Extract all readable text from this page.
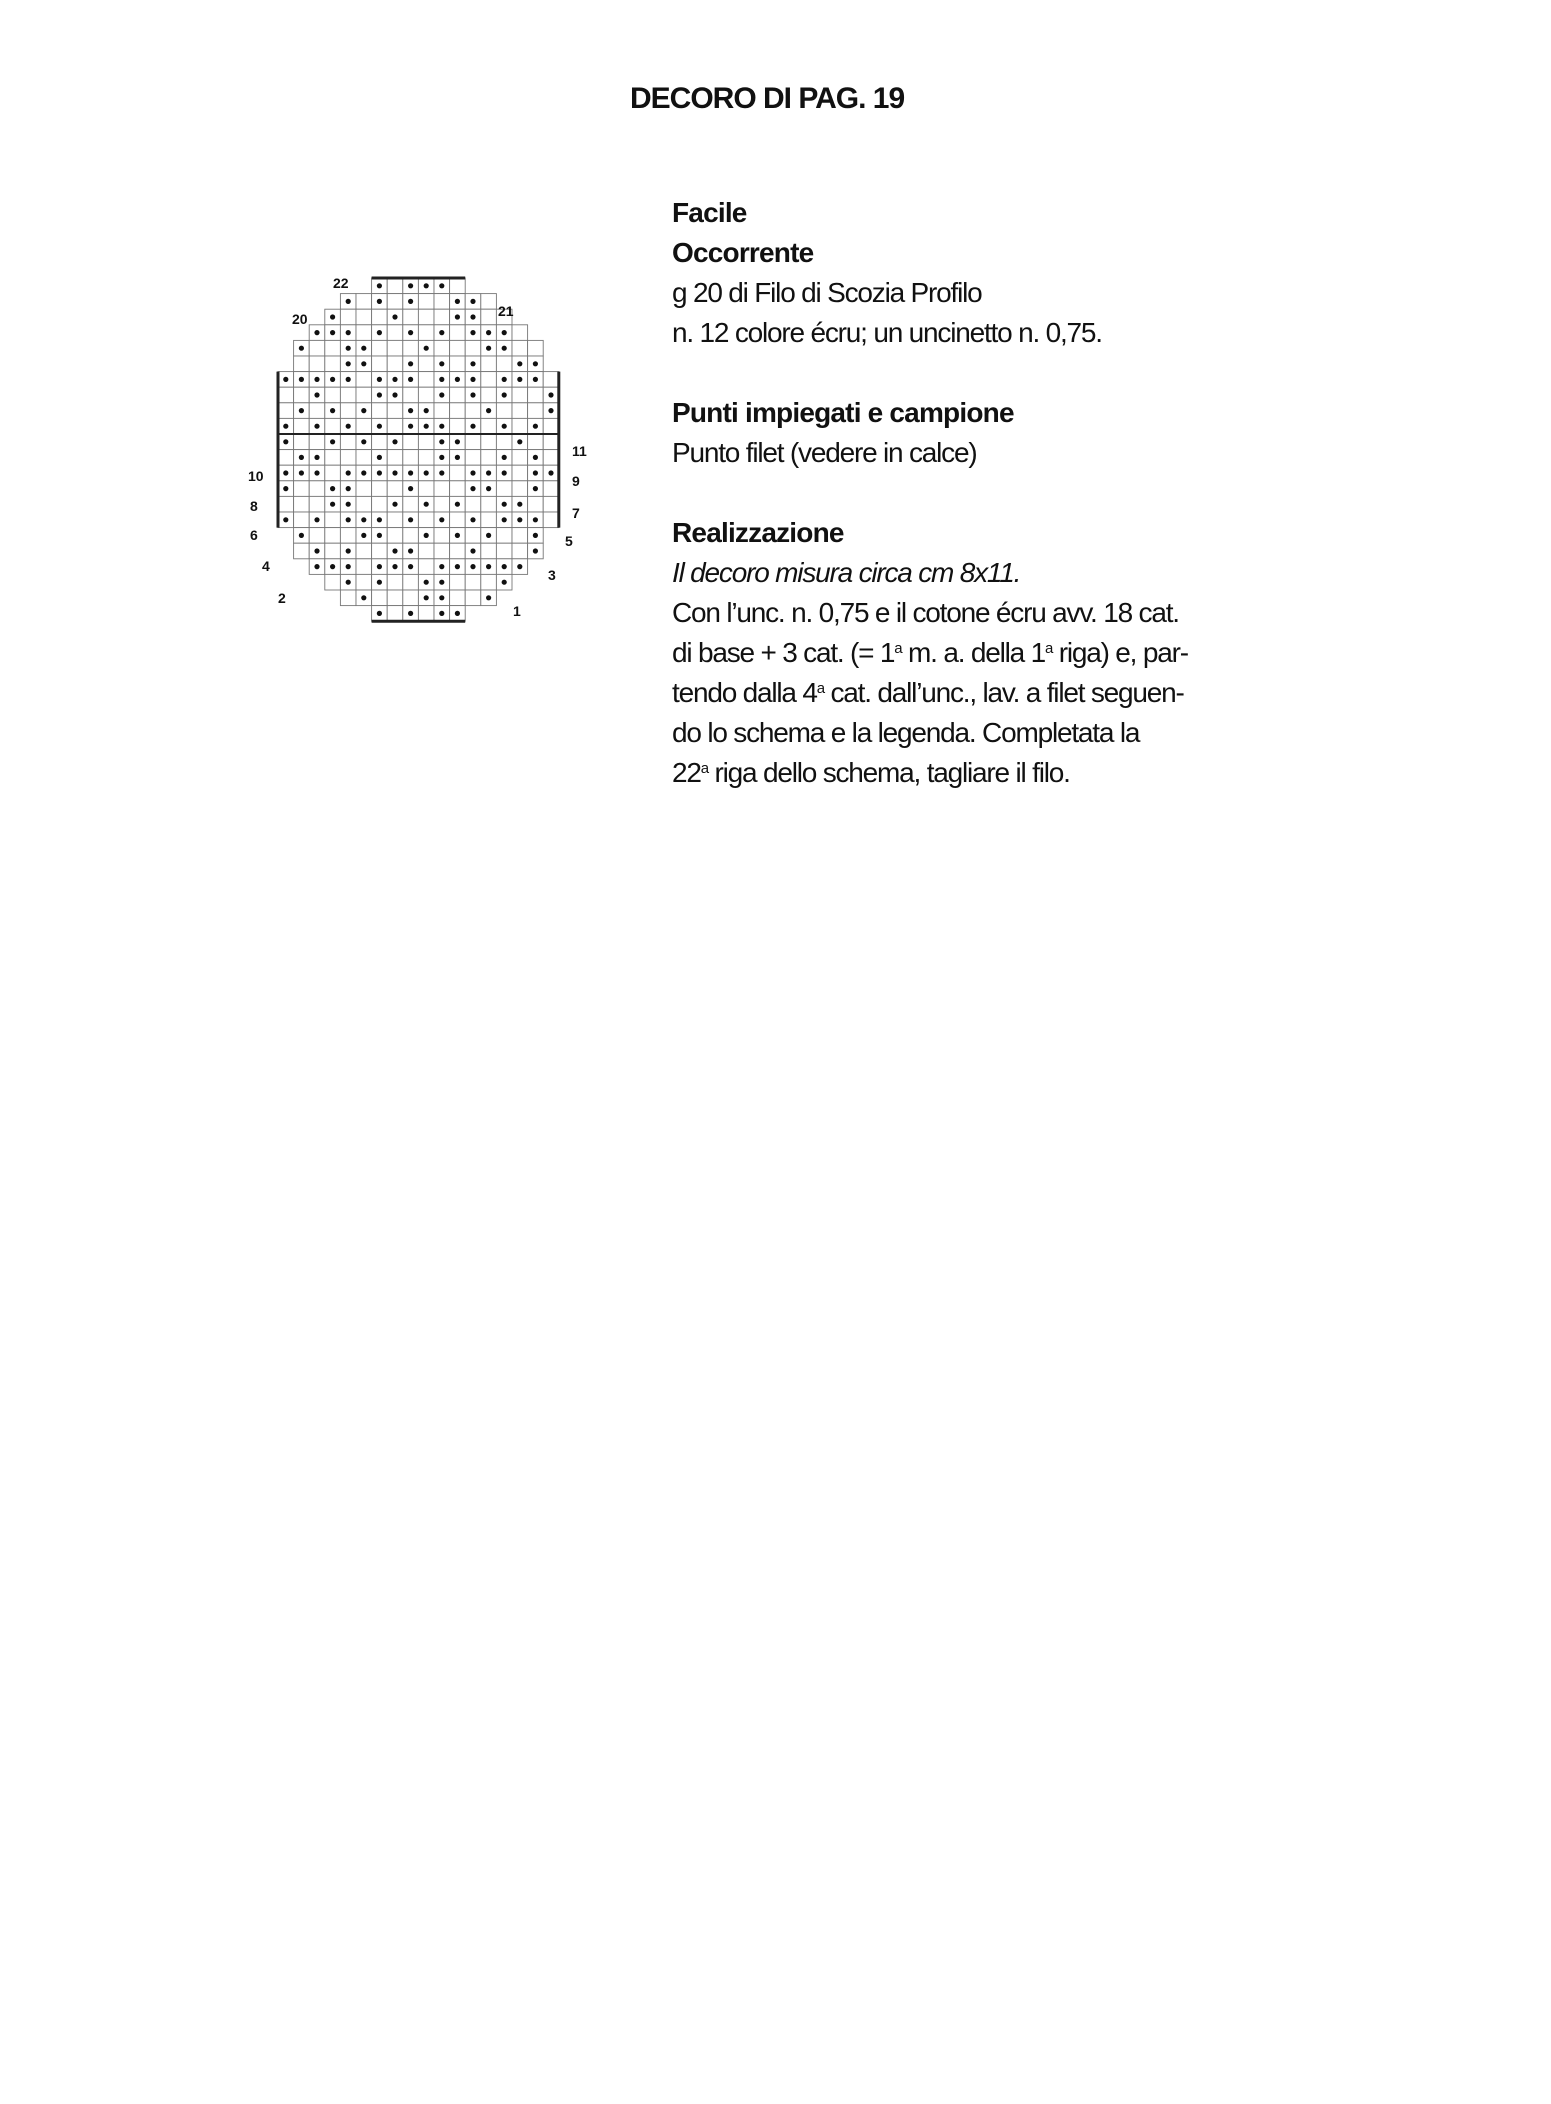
DECORO DI PAG. 19
22
20
10
8
6
4
2
21
11
9
7
5
3
1
Facile
Occorrente
g 20 di Filo di Scozia Profilo
n. 12 colore écru; un uncinetto n. 0,75.
Punti impiegati e campione
Punto filet (vedere in calce)
Realizzazione
Il decoro misura circa cm 8x11.
Con l’unc. n. 0,75 e il cotone écru avv. 18 cat.
di base + 3 cat. (= $1^a$ m. a. della 1$^a$ riga) e, par-
tendo dalla 4$^a$ cat. dall’unc., lav. a filet seguen-
do lo schema e la legenda. Completata la
22$^a$ riga dello schema, tagliare il filo.
